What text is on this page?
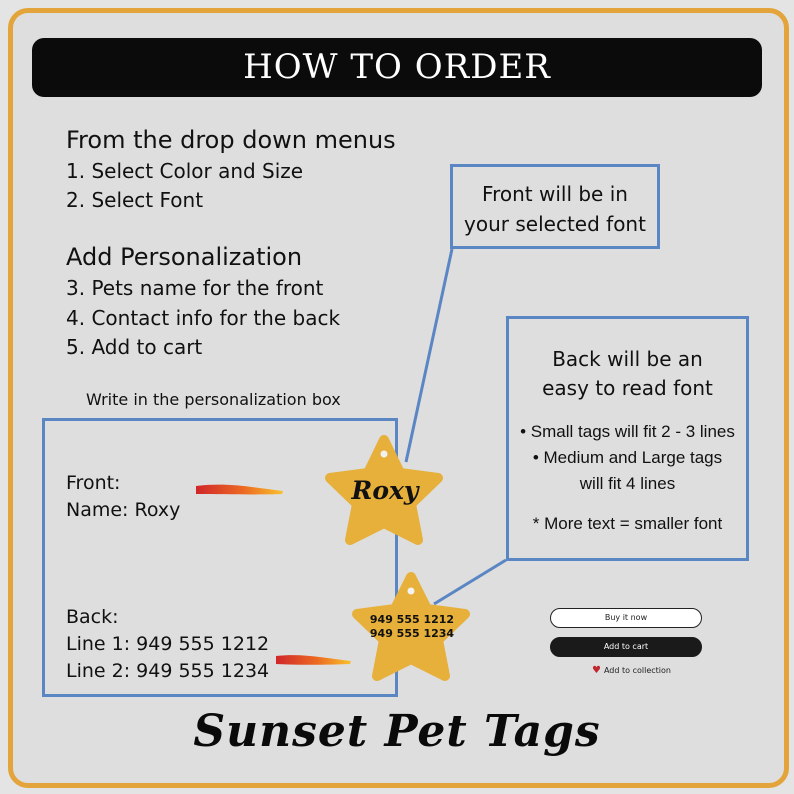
HOW TO ORDER
From the drop down menus
1. Select Color and Size
2. Select Font
Add Personalization
3. Pets name for the front
4. Contact info for the back
5. Add to cart
Write in the personalization box
Front will be in
your selected font
Back will be an
easy to read font
• Small tags will fit 2 - 3 lines
• Medium and Large tags
will fit 4 lines
* More text = smaller font
Front:
Name: Roxy
Back:
Line 1: 949 555 1212
Line 2: 949 555 1234
Roxy
949 555 1212
949 555 1234
Buy it now
Add to cart
♥ Add to collection
Sunset Pet Tags
